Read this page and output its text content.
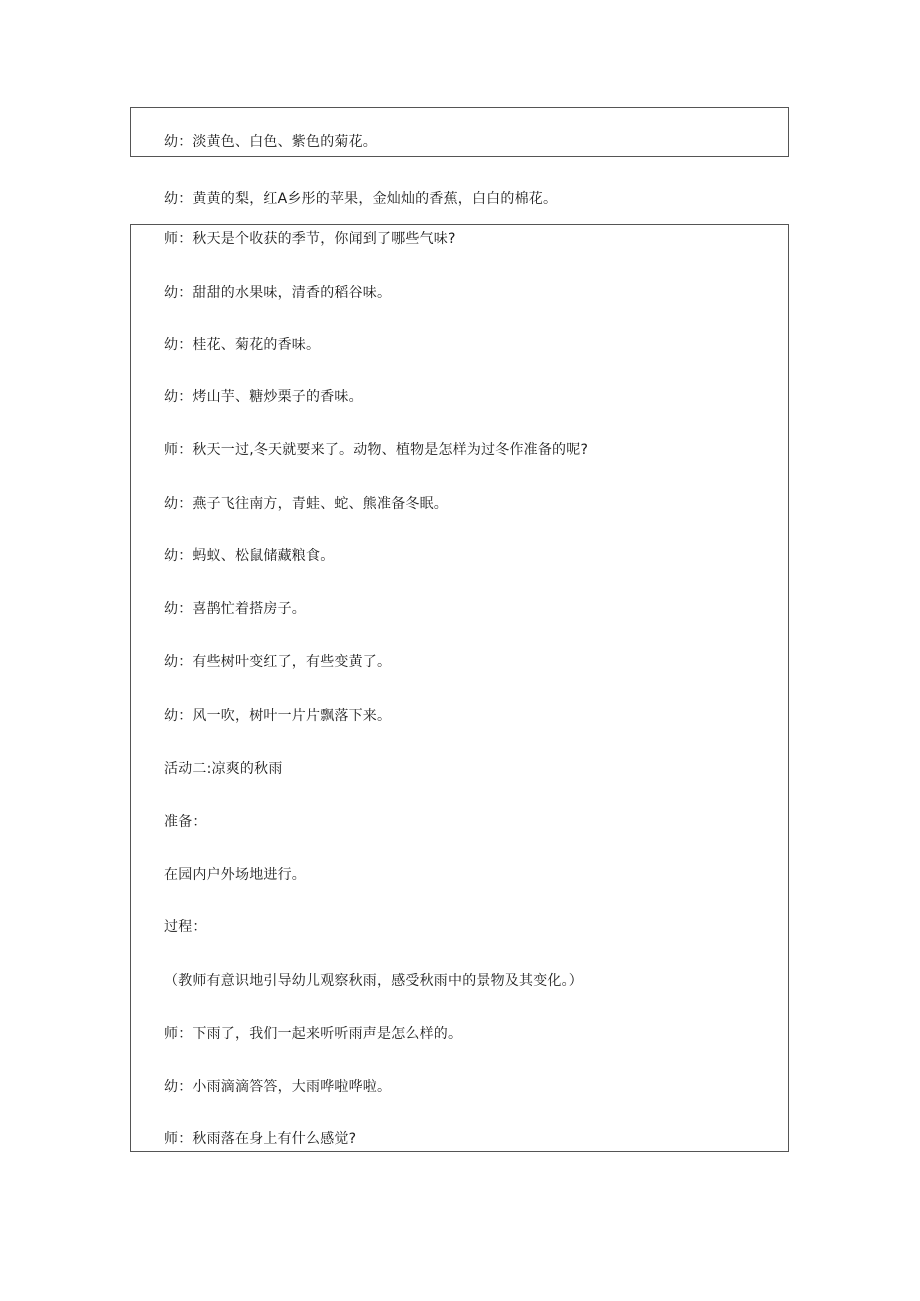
幼：淡黄色、白色、紫色的菊花。
幼：黄黄的梨，红A乡彤的苹果，金灿灿的香蕉，白白的棉花。
师：秋天是个收获的季节，你闻到了哪些气味?
幼：甜甜的水果味，清香的稻谷味。
幼：桂花、菊花的香味。
幼：烤山芋、糖炒栗子的香味。
师：秋天一过,冬天就要来了。动物、植物是怎样为过冬作准备的呢?
幼：燕子飞往南方，青蛙、蛇、熊准备冬眠。
幼：蚂蚁、松鼠储藏粮食。
幼：喜鹊忙着搭房子。
幼：有些树叶变红了，有些变黄了。
幼：风一吹，树叶一片片飘落下来。
活动二:凉爽的秋雨
准备：
在园内户外场地进行。
过程：
（教师有意识地引导幼儿观察秋雨，感受秋雨中的景物及其变化。）
师：下雨了，我们一起来听听雨声是怎么样的。
幼：小雨滴滴答答，大雨哗啦哗啦。
师：秋雨落在身上有什么感觉?
